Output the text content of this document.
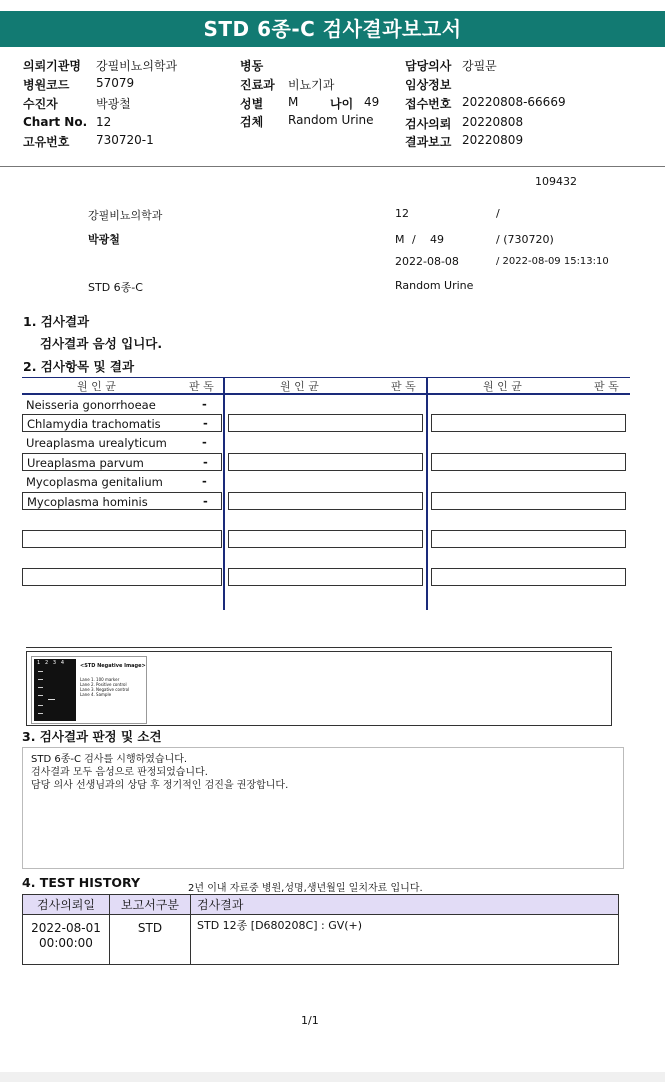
STD 6종-C 검사결과보고서
의뢰기관명 강필비뇨의학과
병원코드 57079
수진자	박광철
Chart No. 12
고유번호 730720-1
병동
진료과 비뇨기과
성별 M	나이 49
검체 Random Urine
담당의사 강필문
임상정보
접수번호 20220808-66669
검사의뢰 20220808
결과보고 20220809
109432
강필비뇨의학과	12	/
박광철	M / 49	/ (730720)
2022-08-08	/ 2022-08-09 15:13:10
STD 6종-C	Random Urine
1. 검사결과
검사결과 음성 입니다.
2. 검사항목 및 결과
원 인 균	판 독	원 인 균	판 독	원 인 균	판 독
Neisseria gonorrhoeae	-
Chlamydia trachomatis	-
Ureaplasma urealyticum	-
Ureaplasma parvum	-
Mycoplasma genitalium	-
Mycoplasma hominis	-
1   2   3   4	<STD Negative Image>
Lane 1. 100 marker
Lane 2. Positive control
Lane 3. Negative control
Lane 4. Sample
3. 검사결과 판정 및 소견
STD 6종-C 검사를 시행하였습니다.
검사결과 모두 음성으로 판정되었습니다.
담당 의사 선생님과의 상담 후 정기적인 검진을 권장합니다.
4. TEST HISTORY	2년 이내 자료중 병원,성명,생년월일 일치자료 입니다.
검사의뢰일	보고서구분	검사결과

2022-08-01
00:00:00	STD	STD 12종 [D680208C] : GV(+)
1/1
